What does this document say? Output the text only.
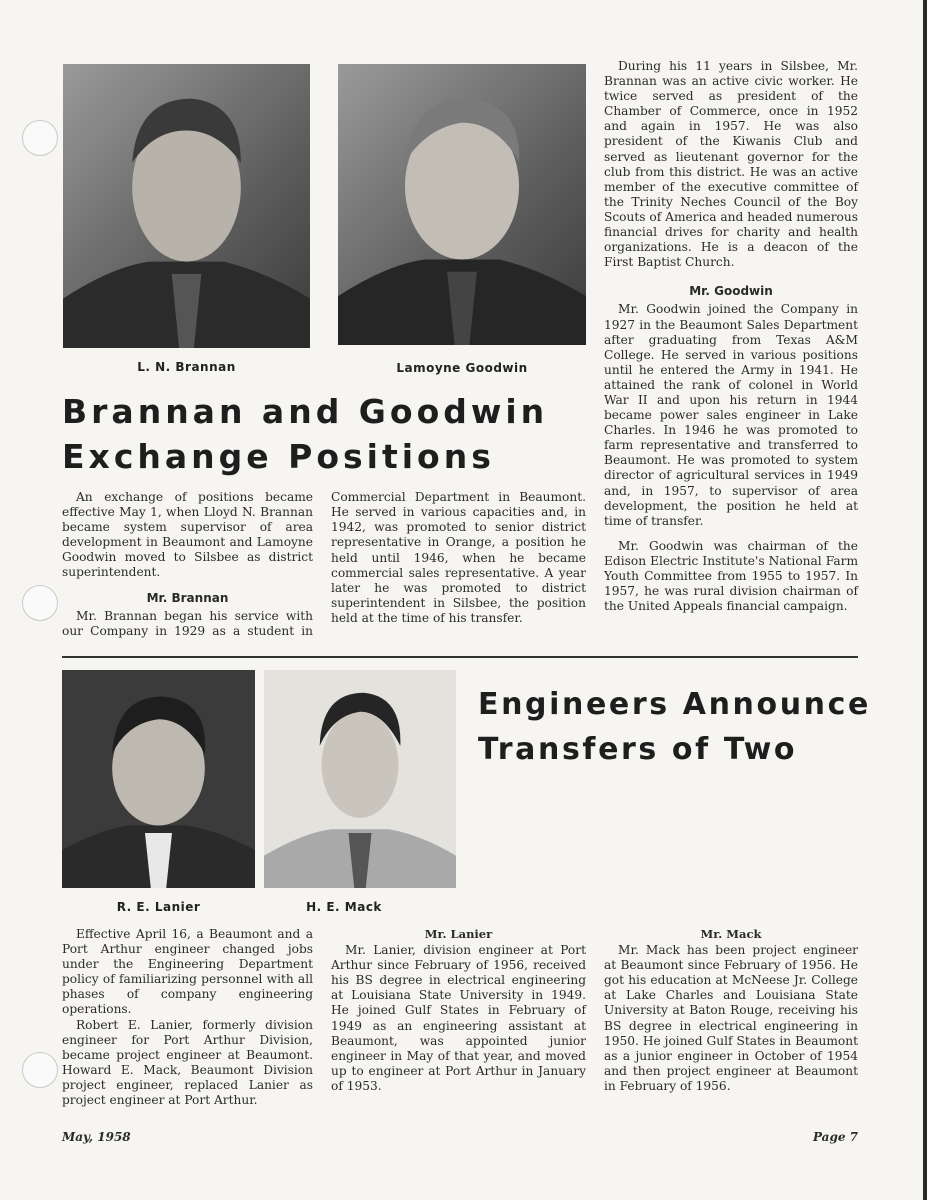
L. N. Brannan	Lamoyne Goodwin
Brannan and Goodwin
Exchange Positions

An exchange of positions became effective May 1, when Lloyd N. Brannan became system supervisor of area development in Beaumont and Lamoyne Goodwin moved to Silsbee as district superintendent.

Mr. Brannan

Mr. Brannan began his service with our Company in 1929 as a student in

Commercial Department in Beaumont. He served in various capacities and, in 1942, was promoted to senior district representative in Orange, a position he held until 1946, when he became commercial sales representative. A year later he was promoted to district superintendent in Silsbee, the position held at the time of his transfer.

During his 11 years in Silsbee, Mr. Brannan was an active civic worker. He twice served as president of the Chamber of Commerce, once in 1952 and again in 1957. He was also president of the Kiwanis Club and served as lieutenant governor for the club from this district. He was an active member of the executive committee of the Trinity Neches Council of the Boy Scouts of America and headed numerous financial drives for charity and health organizations. He is a deacon of the First Baptist Church.

Mr. Goodwin

Mr. Goodwin joined the Company in 1927 in the Beaumont Sales Department after graduating from Texas A&M College. He served in various positions until he entered the Army in 1941. He attained the rank of colonel in World War II and upon his return in 1944 became power sales engineer in Lake Charles. In 1946 he was promoted to farm representative and transferred to Beaumont. He was promoted to system director of agricultural services in 1949 and, in 1957, to supervisor of area development, the position he held at time of transfer.

Mr. Goodwin was chairman of the Edison Electric Institute's National Farm Youth Committee from 1955 to 1957. In 1957, he was rural division chairman of the United Appeals financial campaign.

R. E. Lanier	H. E. Mack
Engineers Announce
Transfers of Two

Effective April 16, a Beaumont and a Port Arthur engineer changed jobs under the Engineering Department policy of familiarizing personnel with all phases of company engineering operations.

Robert E. Lanier, formerly division engineer for Port Arthur Division, became project engineer at Beaumont. Howard E. Mack, Beaumont Division project engineer, replaced Lanier as project engineer at Port Arthur.

Mr. Lanier

Mr. Lanier, division engineer at Port Arthur since February of 1956, received his BS degree in electrical engineering at Louisiana State University in 1949. He joined Gulf States in February of 1949 as an engineering assistant at Beaumont, was appointed junior engineer in May of that year, and moved up to engineer at Port Arthur in January of 1953.

Mr. Mack

Mr. Mack has been project engineer at Beaumont since February of 1956. He got his education at McNeese Jr. College at Lake Charles and Louisiana State University at Baton Rouge, receiving his BS degree in electrical engineering in 1950. He joined Gulf States in Beaumont as a junior engineer in October of 1954 and then project engineer at Beaumont in February of 1956.

May, 1958	Page 7
